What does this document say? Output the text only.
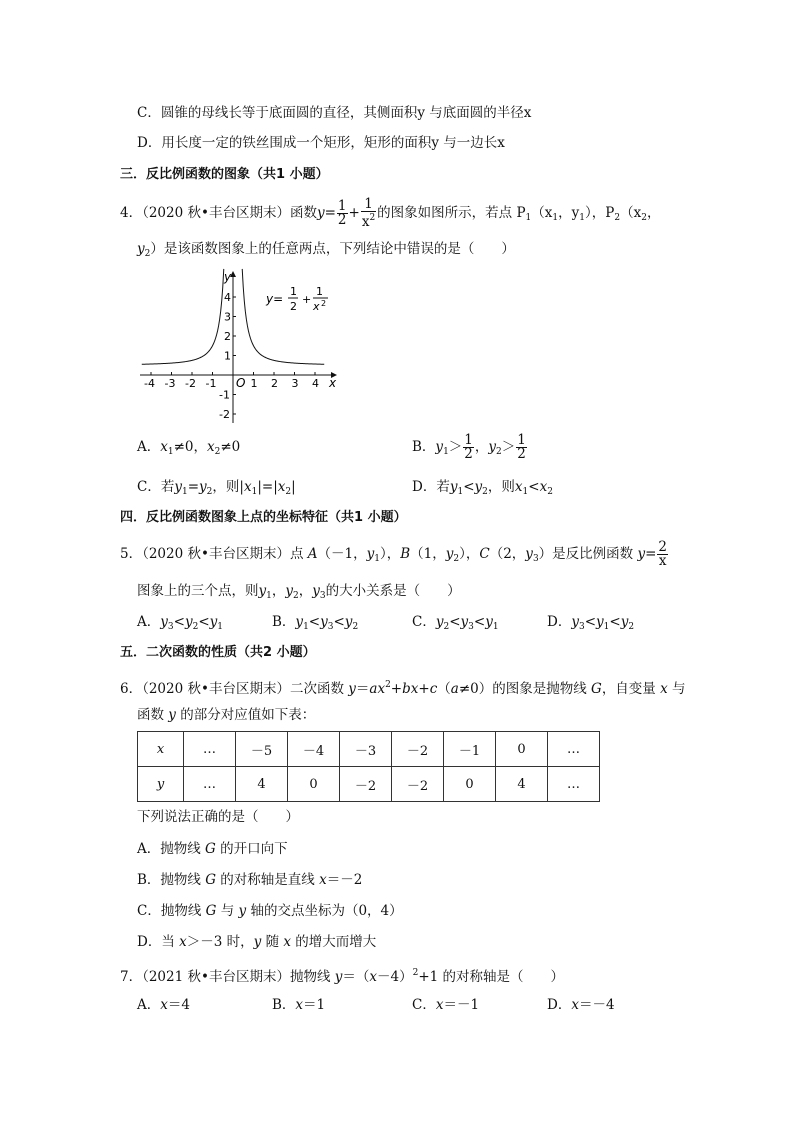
C．圆锥的母线长等于底面圆的直径，其侧面积y 与底面圆的半径x
D．用长度一定的铁丝围成一个矩形，矩形的面积y 与一边长x
三．反比例函数的图象（共1 小题）
4．（2020 秋•丰台区期末）函数$y= \frac{1}{2} + \frac{1}{x^2}$ 的图象如图所示，若点 $P_1(x_1$，$y_1$），$P_2(x_2$，
$y_2$）是该函数图象上的任意两点，下列结论中错误的是（　　）
-4 -3 -2 -1	1 2 3 4
4
3
2
1
-1
-2
x
y
O
y=
1
2
+
1
x 2
A．$x_1\ne 0$，$x_2\ne 0$	B．$y_1> \frac{1}{2}$ ，$y_2> \frac{1}{2}$
C．若$y_1=y_2$，则$|x_1|=|x_2|$	D．若$y_1<y_2$，则$x_1<x_2$
四．反比例函数图象上点的坐标特征（共1 小题）
5．（2020 秋•丰台区期末）点 A（－1，$y_1$），B（1，$y_2$），C（2，$y_3$）是反比例函数 $y= \frac{2}{x}$
图象上的三个点，则$y_1$，$y_2$，$y_3$的大小关系是（　　）
A．$y_3<y_2<y_1$	B．$y_1<y_3<y_2$	C．$y_2<y_3<y_1$	D．$y_3<y_1<y_2$
五．二次函数的性质（共2 小题）
6．（2020 秋•丰台区期末）二次函数 $y=ax^2+bx+c(a\ne 0)$的图象是抛物线 G，自变量 x 与
函数 y 的部分对应值如下表：
x	…	－5	－4	－3	－2	－1	0	…
y	…	4	0	－2	－2	0	4	…
下列说法正确的是（　　）
A．抛物线 G 的开口向下
B．抛物线 G 的对称轴是直线 x＝－2
C．抛物线 G 与 y 轴的交点坐标为（0，4）
D．当 x＞－3 时，y 随 x 的增大而增大
7．（2021 秋•丰台区期末）抛物线 $y=(x-4)^2+1$ 的对称轴是（　　）
A．x＝4	B．x＝1	C．x＝－1	D．x＝－4
